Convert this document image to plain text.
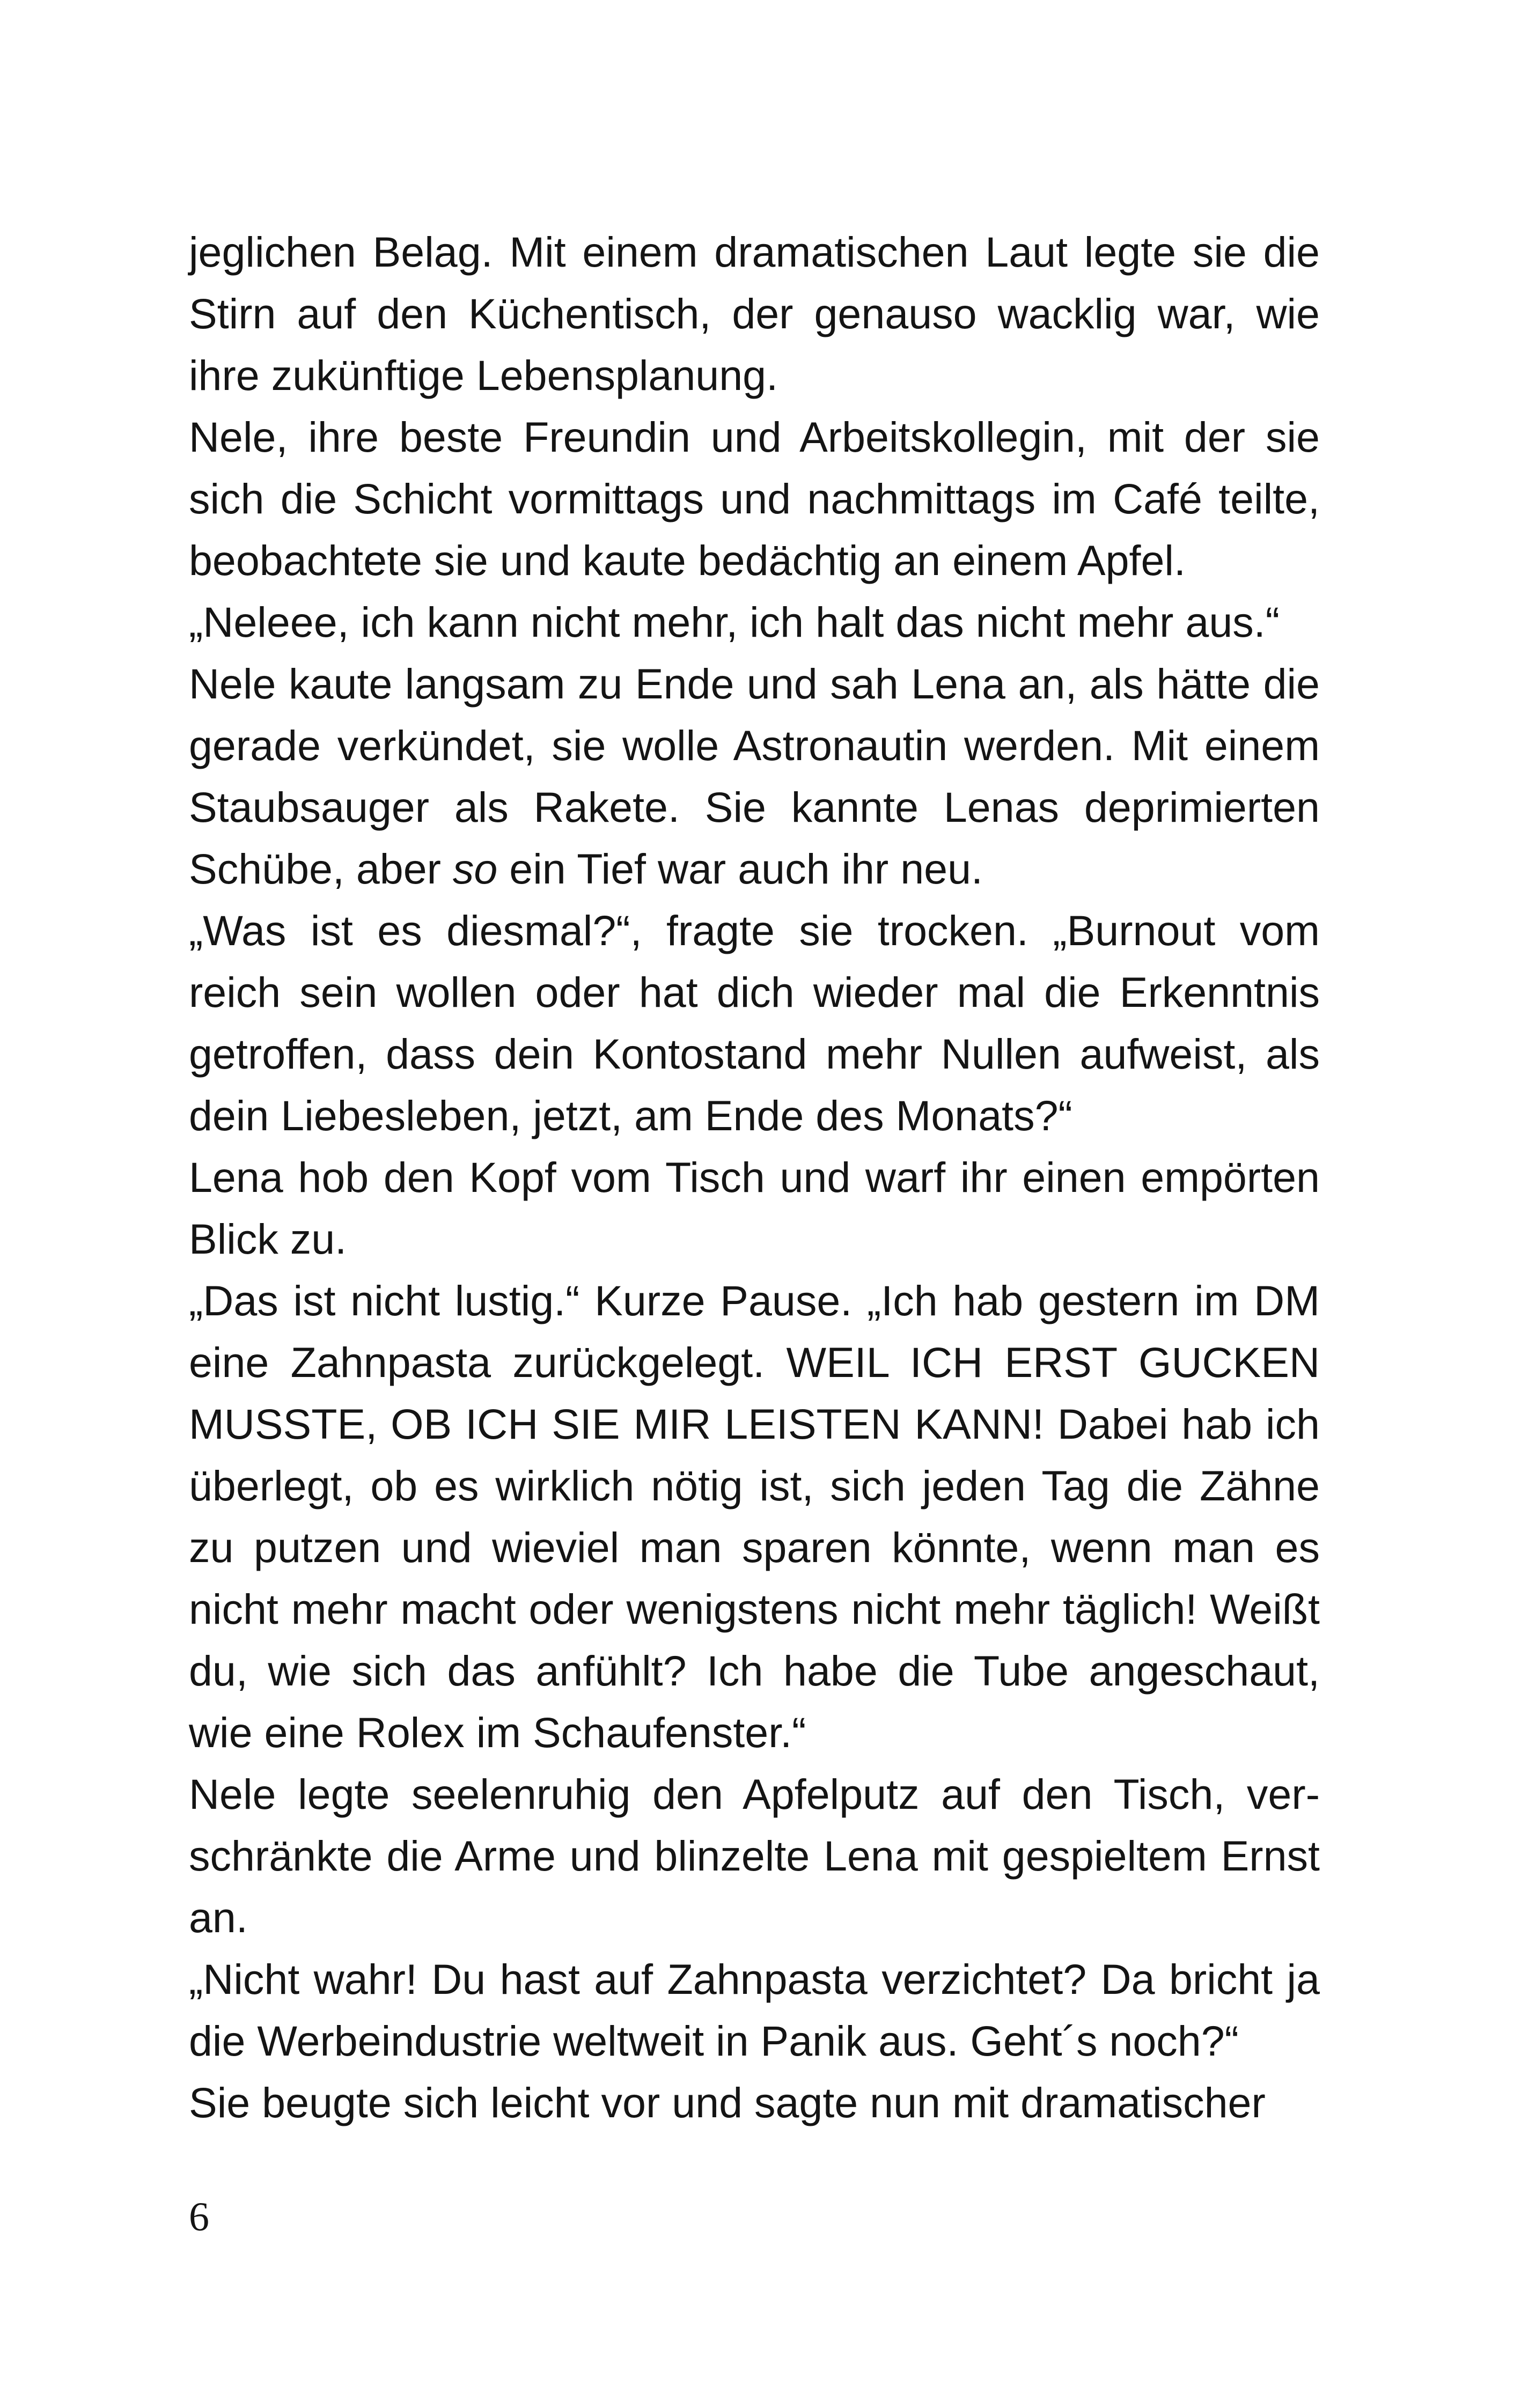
jeglichen Belag. Mit einem dramatischen Laut legte sie die Stirn auf den Küchentisch, der genauso wacklig war, wie ihre zukünftige Lebensplanung.

Nele, ihre beste Freundin und Arbeitskollegin, mit der sie sich die Schicht vormittags und nachmittags im Café teilte, beobachtete sie und kaute bedächtig an einem Apfel.

„Neleee, ich kann nicht mehr, ich halt das nicht mehr aus.“

Nele kaute langsam zu Ende und sah Lena an, als hätte die gerade verkündet, sie wolle Astronautin werden. Mit einem Staubsauger als Rakete. Sie kannte Lenas deprimierten Schübe, aber so ein Tief war auch ihr neu.

„Was ist es diesmal?“, fragte sie trocken. „Burnout vom reich sein wollen oder hat dich wieder mal die Erkenntnis getroffen, dass dein Kontostand mehr Nullen aufweist, als dein Liebesleben, jetzt, am Ende des Monats?“

Lena hob den Kopf vom Tisch und warf ihr einen empörten Blick zu.

„Das ist nicht lustig.“ Kurze Pause. „Ich hab gestern im DM eine Zahnpasta zurückgelegt. WEIL ICH ERST GUCKEN MUSSTE, OB ICH SIE MIR LEISTEN KANN! Dabei hab ich überlegt, ob es wirklich nötig ist, sich jeden Tag die Zähne zu putzen und wieviel man sparen könnte, wenn man es nicht mehr macht oder wenigstens nicht mehr täglich! Weißt du, wie sich das anfühlt? Ich habe die Tube angeschaut, wie eine Rolex im Schaufenster.“

Nele legte seelenruhig den Apfelputz auf den Tisch, verschränkte die Arme und blinzelte Lena mit gespieltem Ernst an.

„Nicht wahr! Du hast auf Zahnpasta verzichtet? Da bricht ja die Werbeindustrie weltweit in Panik aus. Geht´s noch?“

Sie beugte sich leicht vor und sagte nun mit dramatischer

6
